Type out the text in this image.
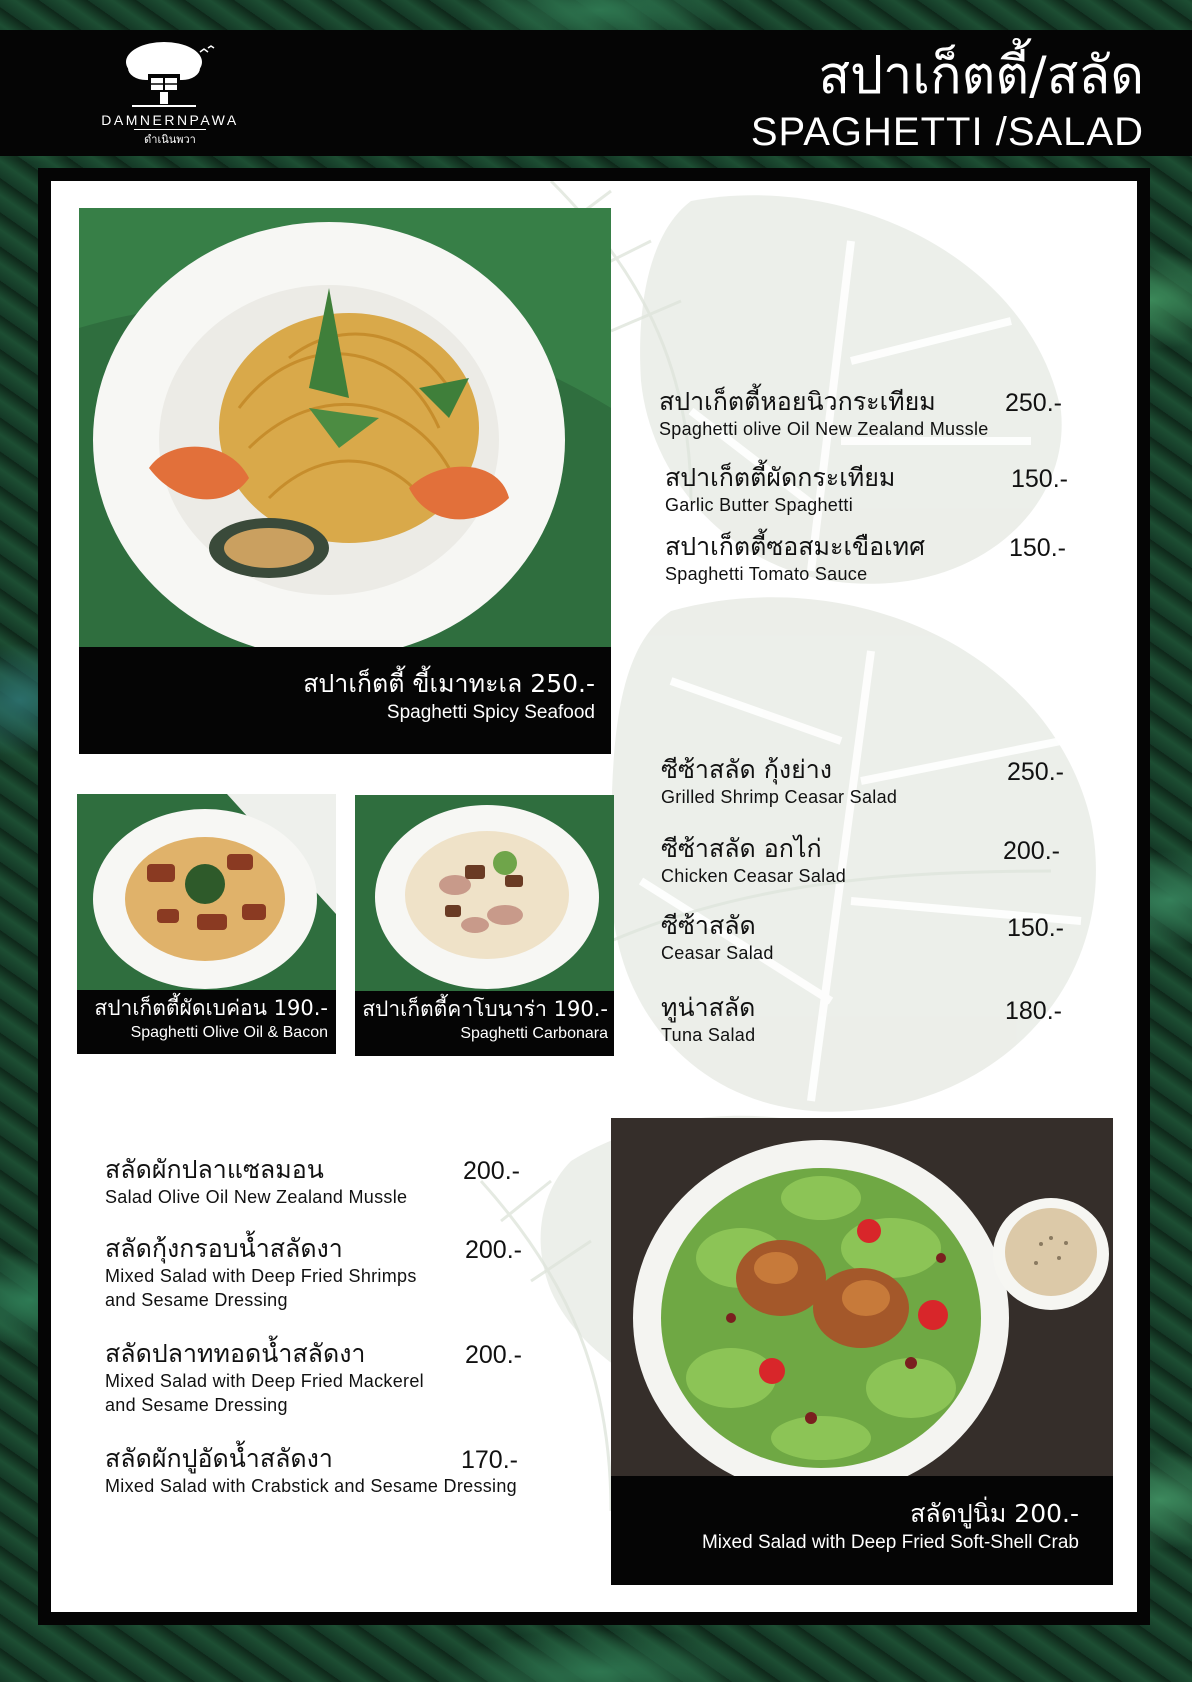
DAMNERNPAWA
ดำเนินพวา
สปาเก็ตตี้/สลัด
SPAGHETTI /SALAD
สปาเก็ตตี้ ขี้เมาทะเล 250.-
Spaghetti Spicy Seafood
สปาเก็ตตี้ผัดเบค่อน 190.-
Spaghetti Olive Oil & Bacon
สปาเก็ตตี้คาโบนาร่า 190.-
Spaghetti Carbonara
สปาเก็ตตี้หอยนิวกระเทียม
Spaghetti olive Oil New Zealand Mussle
250.-
สปาเก็ตตี้ผัดกระเทียม
Garlic Butter Spaghetti
150.-
สปาเก็ตตี้ซอสมะเขือเทศ
Spaghetti Tomato Sauce
150.-
ซีซ้าสลัด กุ้งย่าง
Grilled Shrimp Ceasar Salad
250.-
ซีซ้าสลัด อกไก่
Chicken Ceasar Salad
200.-
ซีซ้าสลัด
Ceasar Salad
150.-
ทูน่าสลัด
Tuna Salad
180.-
สลัดผักปลาแซลมอน
Salad Olive Oil New Zealand Mussle
200.-
สลัดกุ้งกรอบน้ำสลัดงา
Mixed Salad with Deep Fried Shrimps
and Sesame Dressing
200.-
สลัดปลาททอดน้ำสลัดงา
Mixed Salad with Deep Fried Mackerel
and Sesame Dressing
200.-
สลัดผักปูอัดน้ำสลัดงา
Mixed Salad with Crabstick and Sesame Dressing
170.-
สลัดปูนิ่ม 200.-
Mixed Salad with Deep Fried Soft-Shell Crab
